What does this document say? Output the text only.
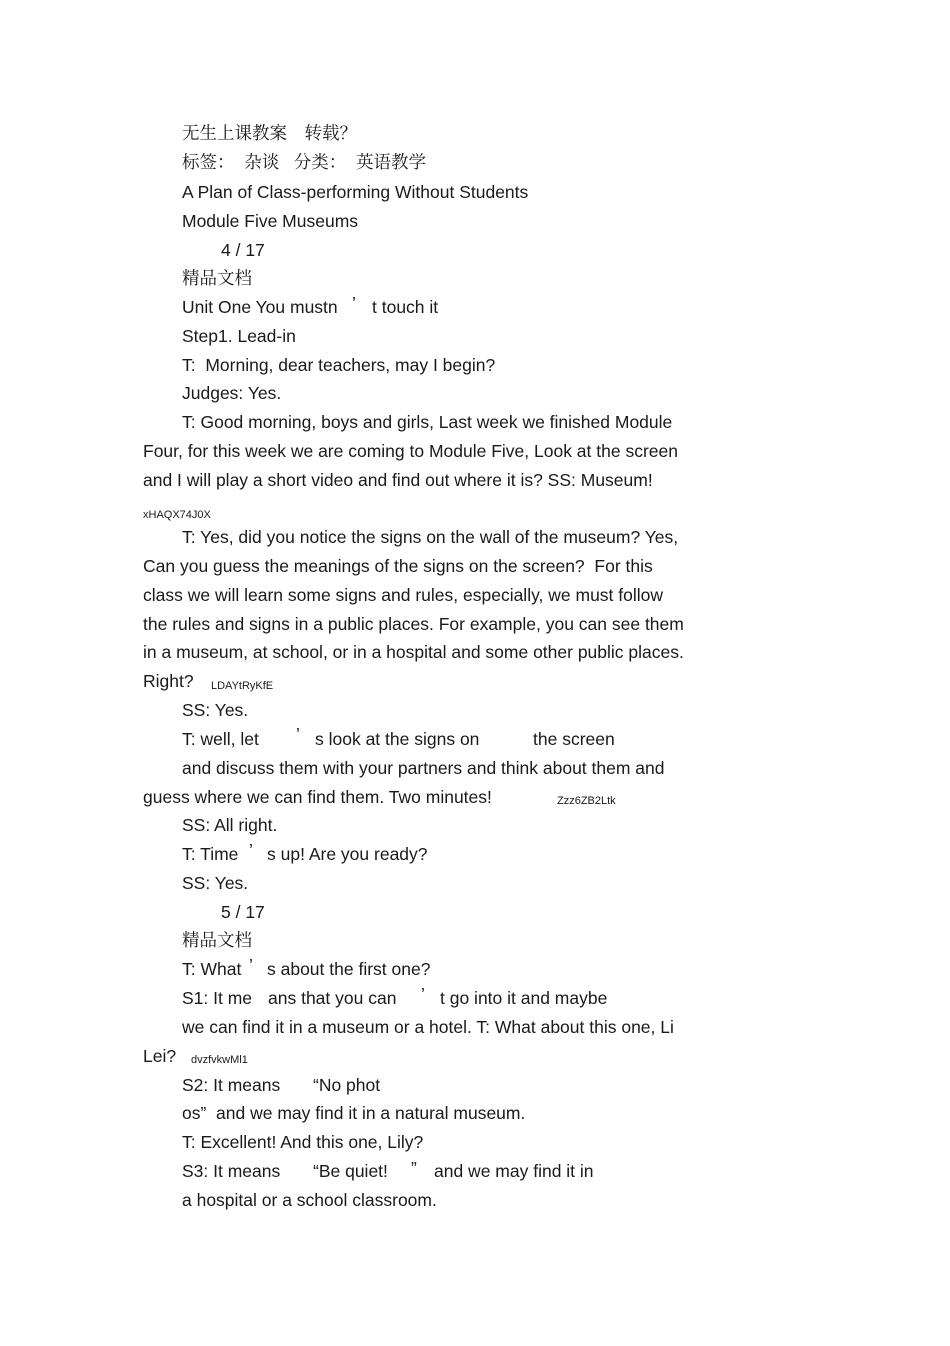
无生上课教案　转载？
标签：  杂谈   分类：  英语教学
A Plan of Class-performing Without Students
Module Five Museums
4 / 17
精品文档
Unit One You mustn ’ t touch it
Step1. Lead-in
T:  Morning, dear teachers, may I begin?
Judges: Yes.
T: Good morning, boys and girls, Last week we finished Module
Four, for this week we are coming to Module Five, Look at the screen
and I will play a short video and find out where it is? SS: Museum!
xHAQX74J0X
T: Yes, did you notice the signs on the wall of the museum? Yes,
Can you guess the meanings of the signs on the screen?  For this
class we will learn some signs and rules, especially, we must follow
the rules and signs in a public places. For example, you can see them
in a museum, at school, or in a hospital and some other public places.
Right? LDAYtRyKfE
SS: Yes.
T: well, let ’ s look at the signs on	the screen
and discuss them with your partners and think about them and
guess where we can find them. Two minutes!	Zzz6ZB2Ltk
SS: All right.
T: Time ’ s up! Are you ready?
SS: Yes.
5 / 17
精品文档
T: What ’ s about the first one?
S1: It me ans that you can ’ t go into it and maybe
we can find it in a museum or a hotel. T: What about this one, Li
Lei? dvzfvkwMl1
S2: It means “No phot
os”  and we may find it in a natural museum.
T: Excellent! And this one, Lily?
S3: It means “Be quiet! ” and we may find it in
a hospital or a school classroom.
